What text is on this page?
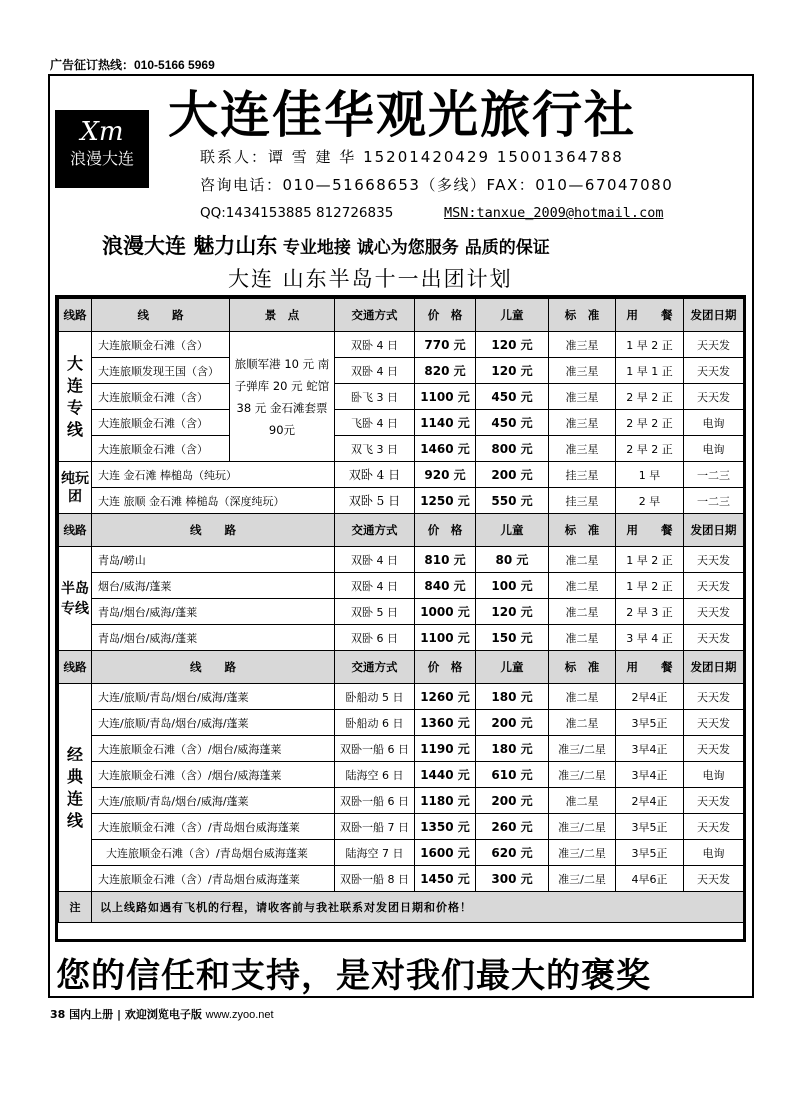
广告征订热线：010-5166 5969
Xm
浪漫大连
大连佳华观光旅行社
联系人：谭 雪 建 华 15201420429 15001364788
咨询电话：010—51668653（多线）FAX：010—67047080
QQ:1434153885 812726835	MSN:tanxue_2009@hotmail.com
浪漫大连 魅力山东 专业地接 诚心为您服务 品质的保证
大连 山东半岛十一出团计划
线路	线　　路	景　点	交通方式	价　格	儿童	标　准	用　　餐	发团日期
大连专线	大连旅顺金石滩（含）	旅顺军港 10 元 南子弹库 20 元 蛇馆 38 元 金石滩套票90元	双卧 4 日	770 元	120 元	准三星	1 早 2 正	天天发
	大连旅顺发现王国（含）		双卧 4 日	820 元	120 元	准三星	1 早 1 正	天天发
	大连旅顺金石滩（含）		卧飞 3 日	1100 元	450 元	准三星	2 早 2 正	天天发
	大连旅顺金石滩（含）		飞卧 4 日	1140 元	450 元	准三星	2 早 2 正	电询
	大连旅顺金石滩（含）		双飞 3 日	1460 元	800 元	准三星	2 早 2 正	电询
纯玩团	大连 金石滩 棒槌岛（纯玩）		双卧 4 日	920 元	200 元	挂三星	1 早	一二三
	大连 旅顺 金石滩 棒槌岛（深度纯玩）		双卧 5 日	1250 元	550 元	挂三星	2 早	一二三
线路	线　　路		交通方式	价　格	儿童	标　准	用　　餐	发团日期
半岛专线	青岛/崂山		双卧 4 日	810 元	80 元	准二星	1 早 2 正	天天发
	烟台/威海/蓬莱		双卧 4 日	840 元	100 元	准二星	1 早 2 正	天天发
	青岛/烟台/威海/蓬莱		双卧 5 日	1000 元	120 元	准二星	2 早 3 正	天天发
	青岛/烟台/威海/蓬莱		双卧 6 日	1100 元	150 元	准二星	3 早 4 正	天天发
线路	线　　路		交通方式	价　格	儿童	标　准	用　　餐	发团日期
经典连线	大连/旅顺/青岛/烟台/威海/蓬莱		卧船动 5 日	1260 元	180 元	准二星	2早4正	天天发
	大连/旅顺/青岛/烟台/威海/蓬莱		卧船动 6 日	1360 元	200 元	准二星	3早5正	天天发
	大连旅顺金石滩（含）/烟台/威海蓬莱		双卧一船 6 日	1190 元	180 元	准三/二星	3早4正	天天发
	大连旅顺金石滩（含）/烟台/威海蓬莱		陆海空 6 日	1440 元	610 元	准三/二星	3早4正	电询
	大连/旅顺/青岛/烟台/威海/蓬莱		双卧一船 6 日	1180 元	200 元	准二星	2早4正	天天发
	大连旅顺金石滩（含）/青岛烟台威海蓬莱		双卧一船 7 日	1350 元	260 元	准三/二星	3早5正	天天发
	大连旅顺金石滩（含）/青岛烟台威海蓬莱		陆海空 7 日	1600 元	620 元	准三/二星	3早5正	电询
	大连旅顺金石滩（含）/青岛烟台威海蓬莱		双卧一船 8 日	1450 元	300 元	准三/二星	4早6正	天天发
注	以上线路如遇有飞机的行程，请收客前与我社联系对发团日期和价格！							
您的信任和支持，是对我们最大的褒奖
38 国内上册 | 欢迎浏览电子版 www.zyoo.net
